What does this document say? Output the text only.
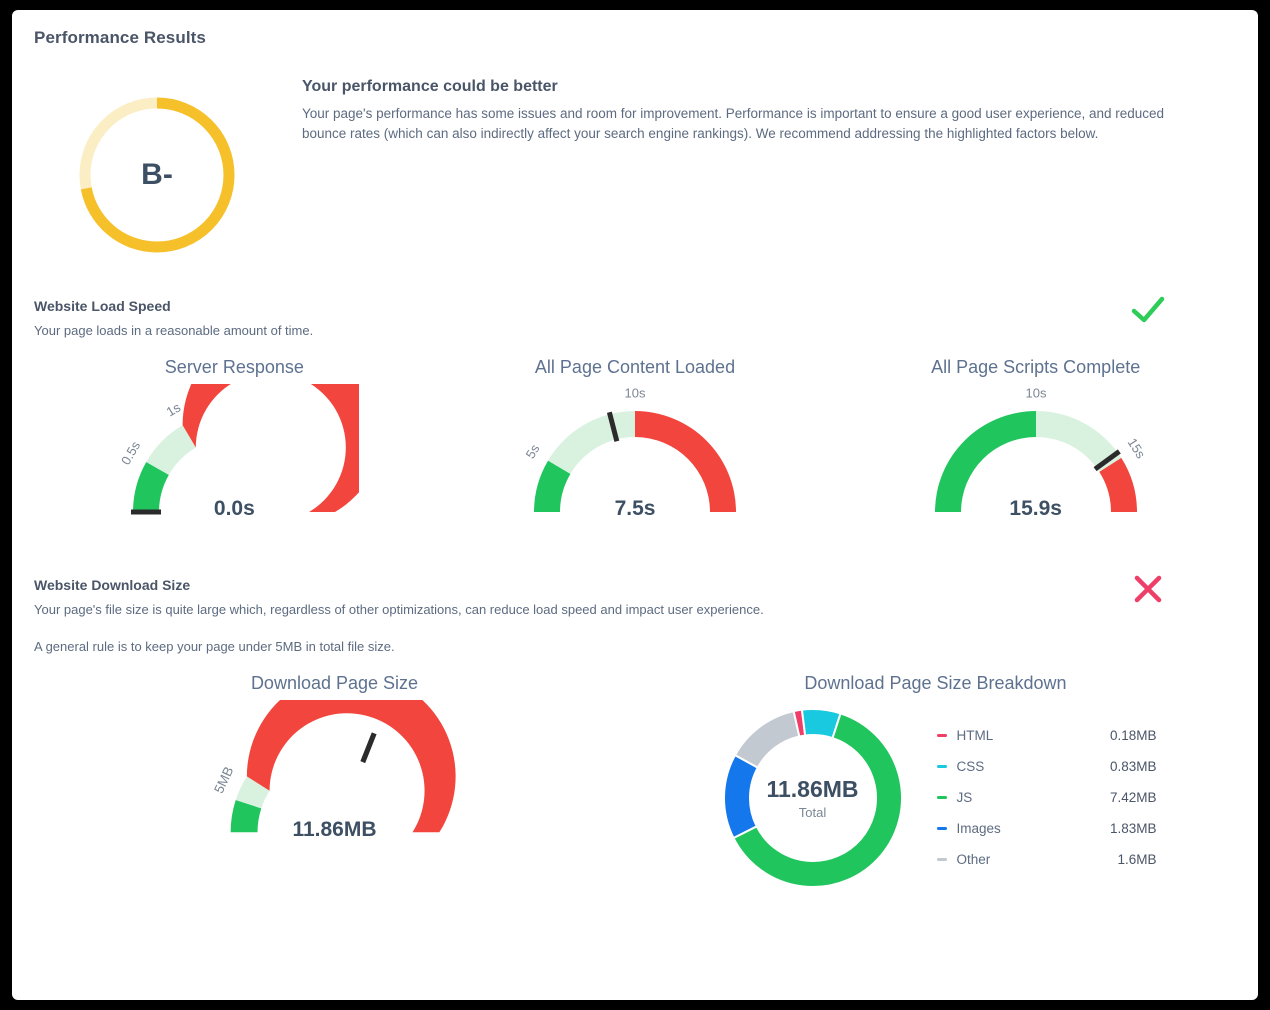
Performance Results
B-
Your performance could be better
Your page's performance has some issues and room for improvement. Performance is important to ensure a good user experience, and reduced bounce rates (which can also indirectly affect your search engine rankings). We recommend addressing the highlighted factors below.
Website Load Speed
Your page loads in a reasonable amount of time.
Server Response
0.5s
1s
0.0s
All Page Content Loaded
5s
10s
7.5s
All Page Scripts Complete
10s
15s
15.9s
Website Download Size
Your page's file size is quite large which, regardless of other optimizations, can reduce load speed and impact user experience.
A general rule is to keep your page under 5MB in total file size.
Download Page Size
5MB
11.86MB
Download Page Size Breakdown
11.86MB
Total
HTML	0.18MB
CSS	0.83MB
JS	7.42MB
Images	1.83MB
Other	1.6MB
